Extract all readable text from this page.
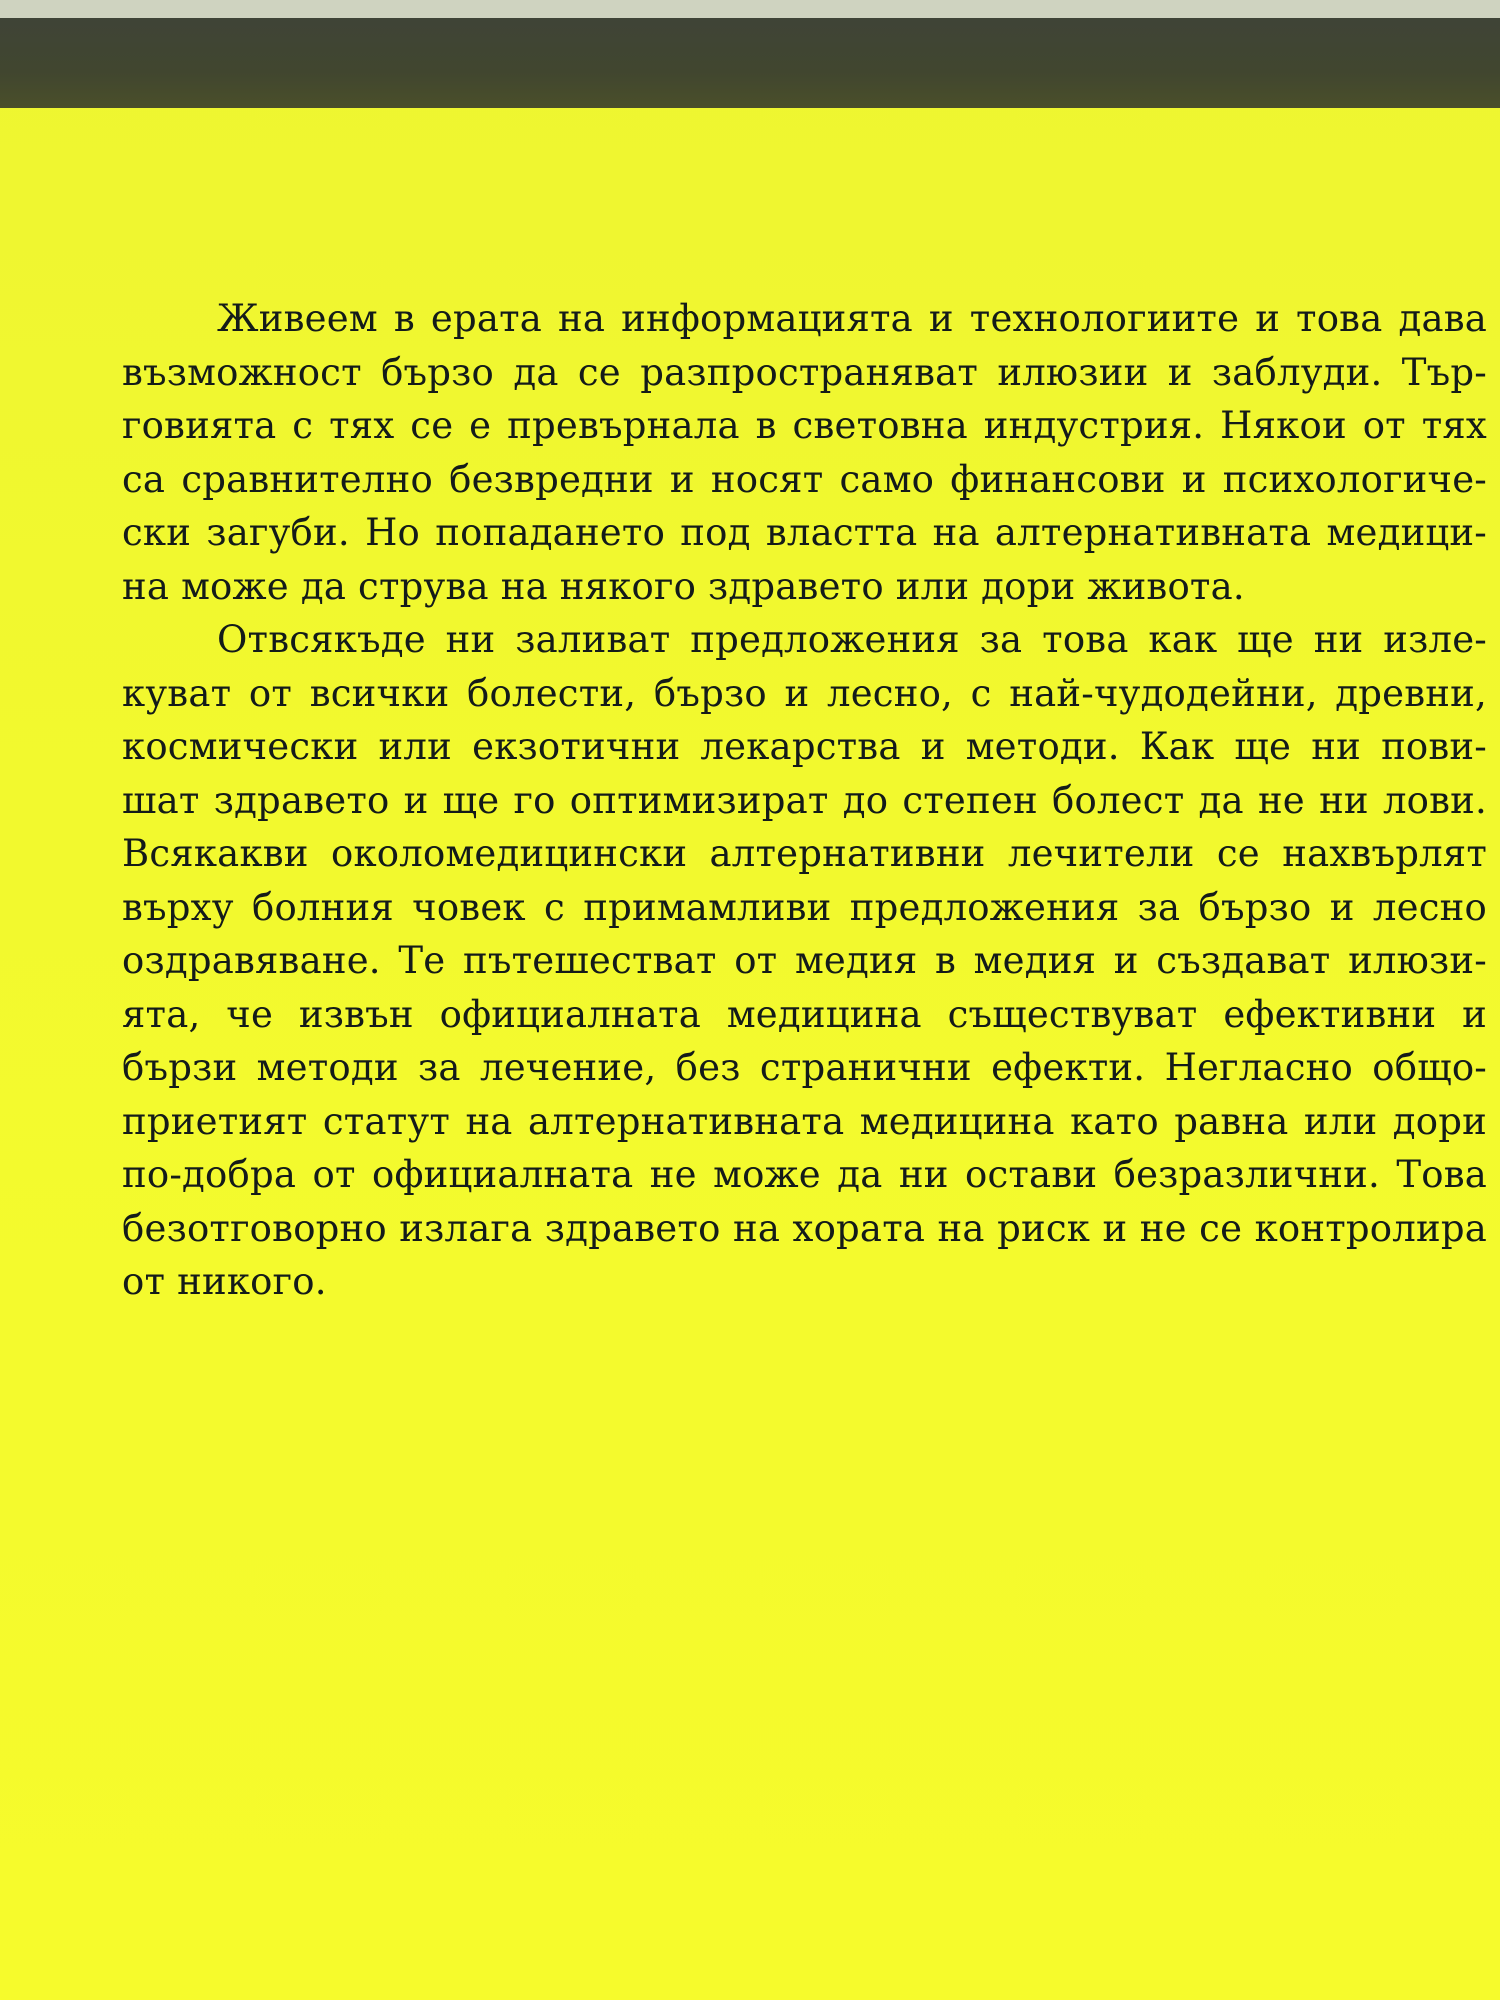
Живеем в ерата на информацията и технологиите и това дава
възможност бързо да се разпространяват илюзии и заблуди. Тър-
говията с тях се е превърнала в световна индустрия. Някои от тях
са сравнително безвредни и носят само финансови и психологиче-
ски загуби. Но попадането под властта на алтернативната медици-
на може да струва на някого здравето или дори живота.
Отвсякъде ни заливат предложения за това как ще ни изле-
куват от всички болести, бързо и лесно, с най-чудодейни, древни,
космически или екзотични лекарства и методи. Как ще ни пови-
шат здравето и ще го оптимизират до степен болест да не ни лови.
Всякакви околомедицински алтернативни лечители се нахвърлят
върху болния човек с примамливи предложения за бързо и лесно
оздравяване. Те пътешестват от медия в медия и създават илюзи-
ята, че извън официалната медицина съществуват ефективни и
бързи методи за лечение, без странични ефекти. Негласно общо-
приетият статут на алтернативната медицина като равна или дори
по-добра от официалната не може да ни остави безразлични. Това
безотговорно излага здравето на хората на риск и не се контролира
от никого.
